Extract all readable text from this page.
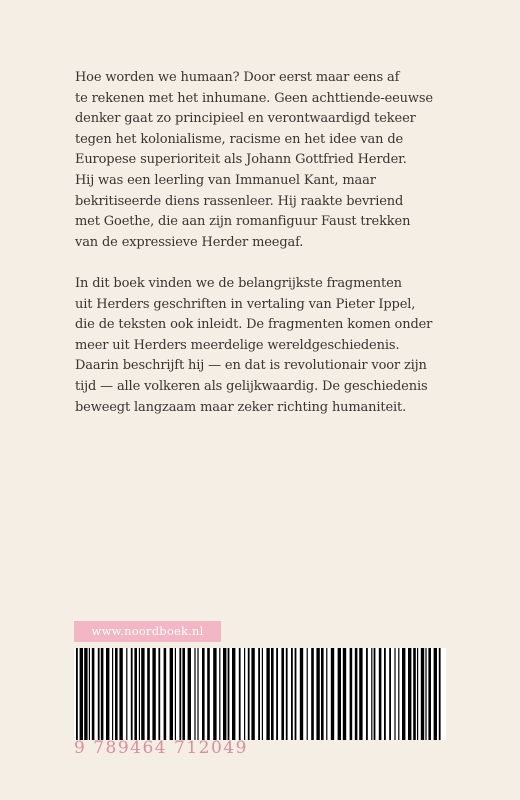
Hoe worden we humaan? Door eerst maar eens af
te rekenen met het inhumane. Geen achttiende-eeuwse
denker gaat zo principieel en verontwaardigd tekeer
tegen het kolonialisme, racisme en het idee van de
Europese superioriteit als Johann Gottfried Herder.
Hij was een leerling van Immanuel Kant, maar
bekritiseerde diens rassenleer. Hij raakte bevriend
met Goethe, die aan zijn romanfiguur Faust trekken
van de expressieve Herder meegaf.

In dit boek vinden we de belangrijkste fragmenten
uit Herders geschriften in vertaling van Pieter Ippel,
die de teksten ook inleidt. De fragmenten komen onder
meer uit Herders meerdelige wereldgeschiedenis.
Daarin beschrijft hij — en dat is revolutionair voor zijn
tijd — alle volkeren als gelijkwaardig. De geschiedenis
beweegt langzaam maar zeker richting humaniteit.

www.noordboek.nl
9 789464 712049
